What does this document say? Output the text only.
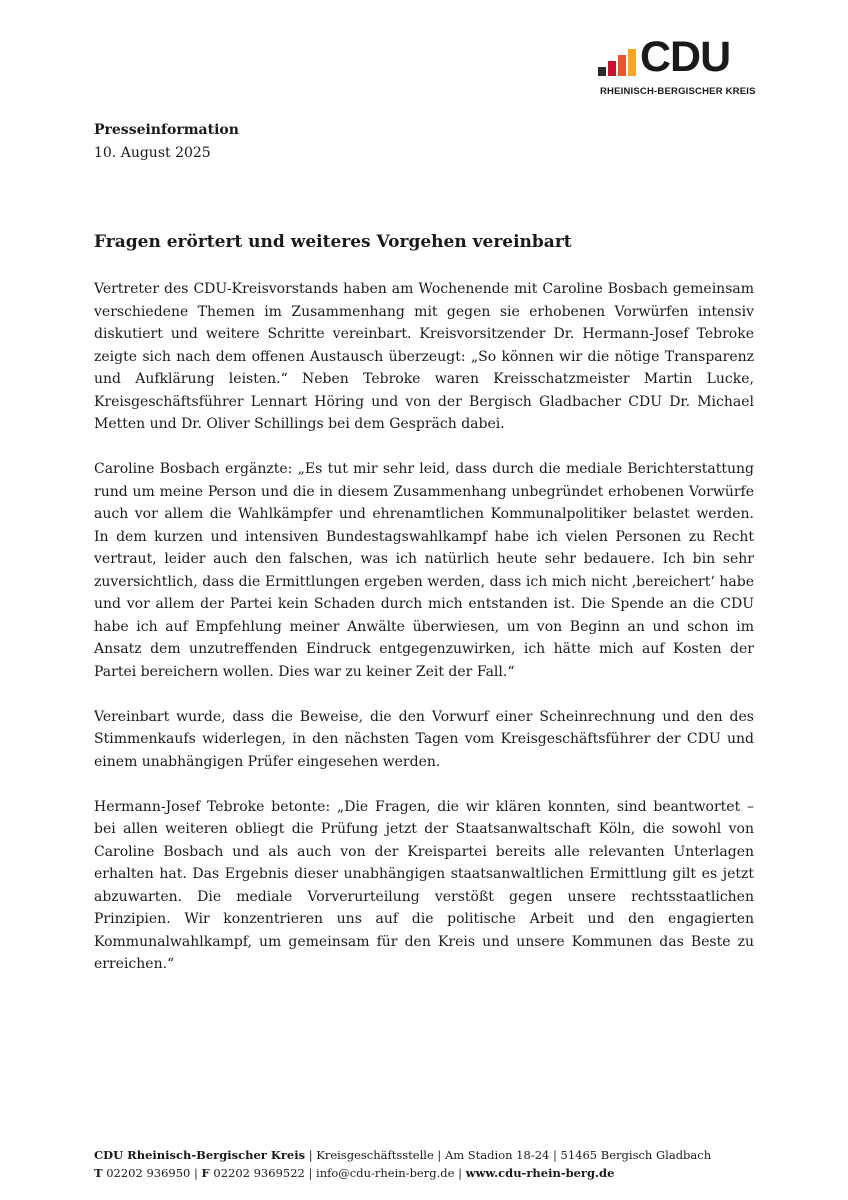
CDU
RHEINISCH-BERGISCHER KREIS
Presseinformation
10. August 2025
Fragen erörtert und weiteres Vorgehen vereinbart

Vertreter des CDU-Kreisvorstands haben am Wochenende mit Caroline Bosbach gemeinsam verschiedene Themen im Zusammenhang mit gegen sie erhobenen Vorwürfen intensiv diskutiert und weitere Schritte vereinbart. Kreisvorsitzender Dr. Hermann-Josef Tebroke zeigte sich nach dem offenen Austausch überzeugt: „So können wir die nötige Transparenz und Aufklärung leisten.“ Neben Tebroke waren Kreisschatzmeister Martin Lucke, Kreisgeschäftsführer Lennart Höring und von der Bergisch Gladbacher CDU Dr. Michael Metten und Dr. Oliver Schillings bei dem Gespräch dabei.

Caroline Bosbach ergänzte: „Es tut mir sehr leid, dass durch die mediale Berichterstattung rund um meine Person und die in diesem Zusammenhang unbegründet erhobenen Vorwürfe auch vor allem die Wahlkämpfer und ehrenamtlichen Kommunalpolitiker belastet werden. In dem kurzen und intensiven Bundestagswahlkampf habe ich vielen Personen zu Recht vertraut, leider auch den falschen, was ich natürlich heute sehr bedauere. Ich bin sehr zuversichtlich, dass die Ermittlungen ergeben werden, dass ich mich nicht ‚bereichert‘ habe und vor allem der Partei kein Schaden durch mich entstanden ist. Die Spende an die CDU habe ich auf Empfehlung meiner Anwälte überwiesen, um von Beginn an und schon im Ansatz dem unzutreffenden Eindruck entgegenzuwirken, ich hätte mich auf Kosten der Partei bereichern wollen. Dies war zu keiner Zeit der Fall.“

Vereinbart wurde, dass die Beweise, die den Vorwurf einer Scheinrechnung und den des Stimmenkaufs widerlegen, in den nächsten Tagen vom Kreisgeschäftsführer der CDU und einem unabhängigen Prüfer eingesehen werden.

Hermann-Josef Tebroke betonte: „Die Fragen, die wir klären konnten, sind beantwortet – bei allen weiteren obliegt die Prüfung jetzt der Staatsanwaltschaft Köln, die sowohl von Caroline Bosbach und als auch von der Kreispartei bereits alle relevanten Unterlagen erhalten hat. Das Ergebnis dieser unabhängigen staatsanwaltlichen Ermittlung gilt es jetzt abzuwarten. Die mediale Vorverurteilung verstößt gegen unsere rechtsstaatlichen Prinzipien. Wir konzentrieren uns auf die politische Arbeit und den engagierten Kommunalwahlkampf, um gemeinsam für den Kreis und unsere Kommunen das Beste zu erreichen.“

CDU Rheinisch-Bergischer Kreis | Kreisgeschäftsstelle | Am Stadion 18-24 | 51465 Bergisch Gladbach
T 02202 936950 | F 02202 9369522 | info@cdu-rhein-berg.de | www.cdu-rhein-berg.de
